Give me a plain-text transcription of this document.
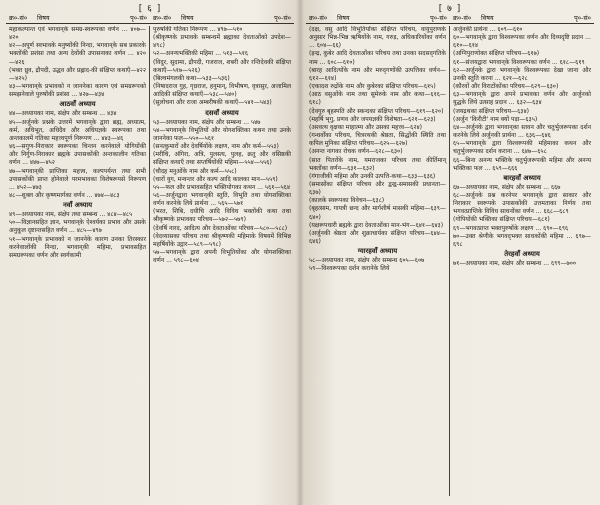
[ ६ ]
क्र०-सं०	विषय	पृ०-सं० क्र०-सं०	विषय	पृ०-सं०

महाकल्पान्त एवं भगवान्‌के समग्र-स्वरूपका वर्णन ... ४०७—४२०

४२—अपूर्ण स्वभावके मनुष्योंकी निन्दा, भगवान्‌के सब प्रकारके भक्तोंकी प्रशंसा तथा अन्य देवोंकी उपासनाका वर्णन ... ४२०—४२६

(भक्त ध्रुव, द्रौपदी, उद्धव और प्रह्लाद-की संक्षिप्त कथाएँ—४२२—४२५)

४३—भगवान्‌के प्रभावको न जाननेका कारण एवं समग्ररूपको समझनेवाले पुरुषोंकी प्रशंसा ... ४२७—४३४

आठवाँ अध्याय

४४—अध्यायका नाम, संक्षेप और सम्बन्ध ... ४३४

४५—अर्जुनके प्रश्नके उत्तरमें भगवान्‌के द्वारा ब्रह्म, अध्यात्म, कर्म, अधिभूत, अधिदैव और अधियज्ञके स्वरूपका तथा अन्तकालमें गतिका महत्त्वपूर्ण निरूपण ... ४४३—४६

४६—सगुण-निराकार स्वरूपका चिन्तन करनेवाले योगियोंकी और निर्गुण-निराकार ब्रह्मके उपासकोंकी अन्तकालीन गतिका वर्णन ... ४४७—४५२

४७—भगवान्‌की प्राप्तिका महत्त्व, कल्पपर्यन्त तथा सभी उपासकोंकी प्राप्त होनेवाले परमभावका विशेषरूपसे निरूपण ... ४५२—४७३

४८—शुक्ल और कृष्णमार्गका वर्णन ... ४७४—४८३

नवाँ अध्याय

४९—अध्यायका नाम, संक्षेप तथा सम्बन्ध ... ४८४—४८५

५०—विज्ञानसहित ज्ञान, भगवान्‌के ऐश्वर्यका प्रभाव और उसके अनुकूल दृष्टान्तसहित वर्णन ... ४८५—४९७

५१—भगवान्‌के प्रभावको न जाननेके कारण उनका तिरस्कार करनेवालोंकी निन्दा, भगवान्‌की महिमा, प्रभावसहित समग्ररूपका वर्णन और स्वर्गकामी

पुरुषोंकी गतिका निरूपण ... ४९७—५१०

(श्रीकृष्णके प्रभावके सम्बन्धमें ब्रह्माका देवताओंको उपदेश—४९८)

५२—अनन्यभक्तिकी महिमा ... ५१३—५१६

(विदुर, सुदामा, द्रौपदी, गजराज, शबरी और रन्तिदेवकी संक्षिप्त कथाएँ—५१७—५२६)

(बिल्वमंगलकी कथा—५३३—५३६)

(निषादराज गुह, गृध्रराज, हनुमान्, विभीषण, वृत्रासुर, अजामिल आदिकी संक्षिप्त कथाएँ—५३८—५४०)

(सुलोचना और राजा अम्बरीषकी कथाएँ—५४१—५४३)

दसवाँ अध्याय

५३—अध्यायका नाम, संक्षेप और सम्बन्ध ... ५४७

५४—भगवान्‌के विभूतियों और योगशक्तिका कथन तथा उनके जाननेका फल—५५०—५६१

(सनत्कुमारों और देवर्षियोंके लक्षण, नाम और कर्म—५५३)

(मरीचि, अंगिरा, अत्रि, पुलस्त्य, पुलह, क्रतु और वसिष्ठकी संक्षिप्त कथाएँ तथा सप्तर्षियोंकी महिमा—५५४—५५६)

(चौदह मनुओंके नाम और कर्म—५५८)

(चारों युग, मन्वन्तर और कल्प आदि कालका मान—५५९)

५५—फल और प्रभावसहित भक्तियोगका कथन ... ५६१—५६४

५६—अर्जुनद्वारा भगवान्‌की स्तुति, विभूति तथा योगशक्तिका वर्णन करनेके लिये प्रार्थना ... ५६५—५७१

(भरत, शिबि, दधीचि आदि विविध भक्तोंकी कथा तथा श्रीकृष्णके प्रभावका परिचय—५७२—५७९)

(देवर्षि नारद, आदित्य और देवताओंका परिचय—५८०—५८८)

(वेदव्यासका परिचय तथा श्रीकृष्णकी महिमाके विषयमें विभिन्न महर्षियोंके उद्गार—५८९—५९८)

५७—भगवान्‌के द्वारा अपनी विभूतियोंका और योगशक्तिका वर्णन ... ५९८—६०४

[ ७ ]
क्र०-सं०	विषय	पृ०-सं० क्र०-सं०	विषय	पृ०-सं०

(दक्ष, वसु आदि विभूतियोंका संक्षिप्त परिचय, वायुपुराणके अनुसार भिन्न-भिन्न ऋषियोंके नाम, गरुड़, अधिकारियोंका वर्णन ... ६०४—६६)

(इन्द्र, कुबेर आदि देवताओंका परिचय तथा उनका सदसद्‌गतिके नाम ... ६०८—६१०)

(बारह आदित्योंके नाम और मरुद्‌गणोंकी उत्पत्तिका वर्णन—६१२—६१४)

(एकादश रुद्रोंके नाम और कुबेरका संक्षिप्त परिचय—६१५)

(आठ वसुओंके नाम तथा सुमेरुके नाम और कथा—६१६—६१८)

(देवगुरु बृहस्पति और स्कन्दका संक्षिप्त परिचय—६१९—६२०)

(महर्षि भृगु, प्रणव और जपयज्ञकी विशेषता—६२१—६२३)

(अश्वत्थ वृक्षका माहात्म्य और उसका महत्त्व—६२४)

(गन्धर्वोंका परिचय, चित्ररथकी श्रेष्ठता, सिद्धोंकी स्थिति तथा कपिल मुनिका संक्षिप्त परिचय—६२५—६२७)

(अनन्त नागका रोचक वर्णन—६२८—६३०)

(सात पितरोंके नाम, यमराजका परिचय तथा कीर्तिमान् भक्तोंका वर्णन—६३१—६३२)

(गंगाजीकी महिमा और उनकी उत्पत्ति-कथा—६३३—६३६)

(समासोंका संक्षिप्त परिचय और द्वन्द्व-समासकी प्रधानता—६३७)

(कालके स्वरूपका विवेचन—६३८)

(बृहत्साम, गायत्री छन्द और मार्गशीर्ष मासकी महिमा—६३९—६४०)

(यक्षरूपधारी ब्रह्मके द्वारा देवताओंका मान-भंग—६४१—६४३)

(अर्जुनकी श्रेष्ठता और शुक्राचार्यका संक्षिप्त परिचय—६४४—६४६)

ग्यारहवाँ अध्याय

५८—अध्यायका नाम, संक्षेप और सम्बन्ध ६०५—६०७

५९—विश्वरूपका दर्शन करानेके लिये

अर्जुनकी प्रार्थना ... ६०९—६१०

६०—भगवान्‌के द्वारा विश्वरूपका वर्णन और दिव्यदृष्टि प्रदान ... ६१०—६१४

(अग्निपुराणोक्त संक्षिप्त परिचय—६१७)

६१—संजयद्वारा भगवान्‌के विश्वरूपका वर्णन ... ६१८—६१९

६२—अर्जुनके द्वारा भगवान्‌के विश्वरूपका देखा जाना और उनकी स्तुति करना ... ६२१—६२८

(कौरवों और विराटोंकोंका परिचय—६२९—६३०)

६३—भगवान्‌के द्वारा अपने प्रभावका वर्णन और अर्जुनको युद्धके लिये उत्साह प्रदान ... ६३२—६३४

(जयद्रथका संक्षिप्त परिचय—६३४)

(अर्जुन 'किरीटी' नाम क्यों पड़ा—६३५)

६४—अर्जुनके द्वारा भगवान्‌का स्तवन और चतुर्भुजरूपका दर्शन करनेके लिये अर्जुनकी प्रार्थना ... ६३६—६४६

६५—भगवान्‌के द्वारा विश्वरूपकी महिमाका कथन और चतुर्भुजरूपका दर्शन कराना ... ६४७—६५८

६६—बिना अनन्य भक्तिके चतुर्भुजरूपकी महिमा और अनन्य भक्तिका फल ... ६५९—६६६

बारहवाँ अध्याय

६७—अध्यायका नाम, संक्षेप और सम्बन्ध ... ६६७

६८—अर्जुनके प्रश्न करनेपर भगवान्‌के द्वारा साकार और निराकार स्वरूपके उपासकोंकी उत्तमताका निर्णय तथा भगवत्प्राप्तिके विविध साधनोंका वर्णन ... ६६८—६८९

(गोपियोंकी भक्तिका संक्षिप्त परिचय—६८१)

६९—भगवत्प्राप्त भक्तपुरुषोंके लक्षण ... ६९०—६९६

७०—उक्त श्रेणीके भगवद्‌भक्त साधकोंकी महिमा ... ६९७—६९८

तेरहवाँ अध्याय

७१—अध्यायका नाम, संक्षेप और सम्बन्ध ... ६९९—७००
